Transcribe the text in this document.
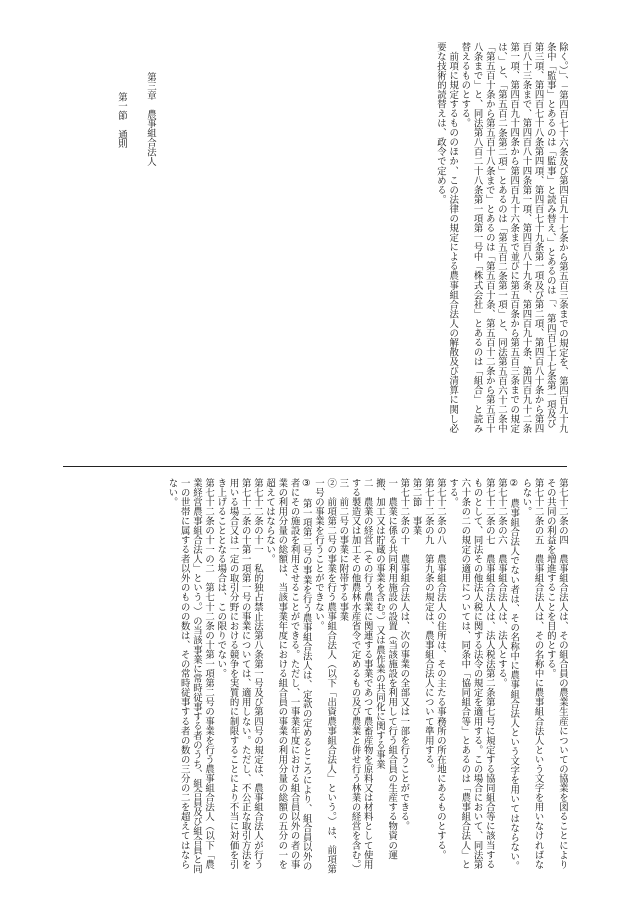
除く。）」、「第四百七十六条及び第四百九十七条から第五百三条までの規定を、第四百九十九条中「監事」とあるのは「監事」と読み替え、」とあるのは「、第四百七十七条第一項及び第三項、第四百七十八条第四項、第四百七十九条第一項及び第二項、第四百八十条から第四百八十三条まで、第四百八十四条第一項、第四百八十九条、第四百九十条、第四百九十二条第一項、第四百九十四条から第四百九十六条まで並びに第五百条から第五百三条までの規定は、」と、「第五百二条第二項」とあるのは「第五百二条第一項」と、同法第五百六十二条中「第五百十条から第五百十八条まで」とあるのは「第五百十条、第五百十二条から第五百十八条まで」と、同法第八百二十八条第一項第一号中「株式会社」とあるのは「組合」と読み替えるものとする。
　前項に規定するもののほか、この法律の規定による農事組合法人の解散及び清算に関し必要な技術的読替えは、政令で定める。
第三章　農事組合法人
第一節　通則
第七十二条の四　農事組合法人は、その組合員の農業生産についての協業を図ることによりその共同の利益を増進することを目的とする。
第七十二条の五　農事組合法人は、その名称中に農事組合法人という文字を用いなければならない。
②　農事組合法人でない者は、その名称中に農事組合法人という文字を用いてはならない。
第七十二条の六　農事組合法人は、法人とする。
第七十二条の七　農事組合法人は、法人税法第二条第七号に規定する協同組合等に該当するものとして、同法その他法人税に関する法令の規定を適用する。この場合において、同法第六十条の二の規定の適用については、同条中「協同組合等」とあるのは「農事組合法人」とする。
第七十二条の八　農事組合法人の住所は、その主たる事務所の所在地にあるものとする。
第七十二条の九　第九条の規定は、農事組合法人について準用する。
第二節　事業
第七十二条の十　農事組合法人は、次の事業の全部又は一部を行うことができる。
一　農業に係る共同利用施設の設置（当該施設を利用して行う組合員の生産する物資の運搬、加工又は貯蔵の事業を含む。）又は農作業の共同化に関する事業
二　農業の経営（その行う農業に関連する事業であつて農畜産物を原料又は材料として使用する製造又は加工その他農林水産省令で定めるもの及び農業と併せ行う林業の経営を含む。）
三　前二号の事業に附帯する事業
②　前項第二号の事業を行う農事組合法人（以下「出資農事組合法人」という。）は、前項第一号の事業を行うことができない。
③　第一項第二号の事業を行う農事組合法人は、定款の定めるところにより、組合員以外の者にその施設を利用させることができる。ただし、一事業年度における組合員以外の者の事業の利用分量の総額は、当該事業年度における組合員の事業の利用分量の総額の五分の一を超えてはならない。
第七十二条の十一　私的独占禁止法第八条第一号及び第四号の規定は、農事組合法人が行う第七十二条の十第一項第一号の事業については、適用しない。ただし、不公正な取引方法を用いる場合又は一定の取引分野における競争を実質的に制限することにより不当に対価を引き上げることとなる場合は、この限りでない。
第七十二条の十一の二　第七十二条の十第一項第二号の事業を行う農事組合法人（以下「農業経営農事組合法人」という。）の当該事業に常時従事する者のうち、組合員及び組合員と同一の世帯に属する者以外のものの数は、その常時従事する者の数の三分の二を超えてはならない。
